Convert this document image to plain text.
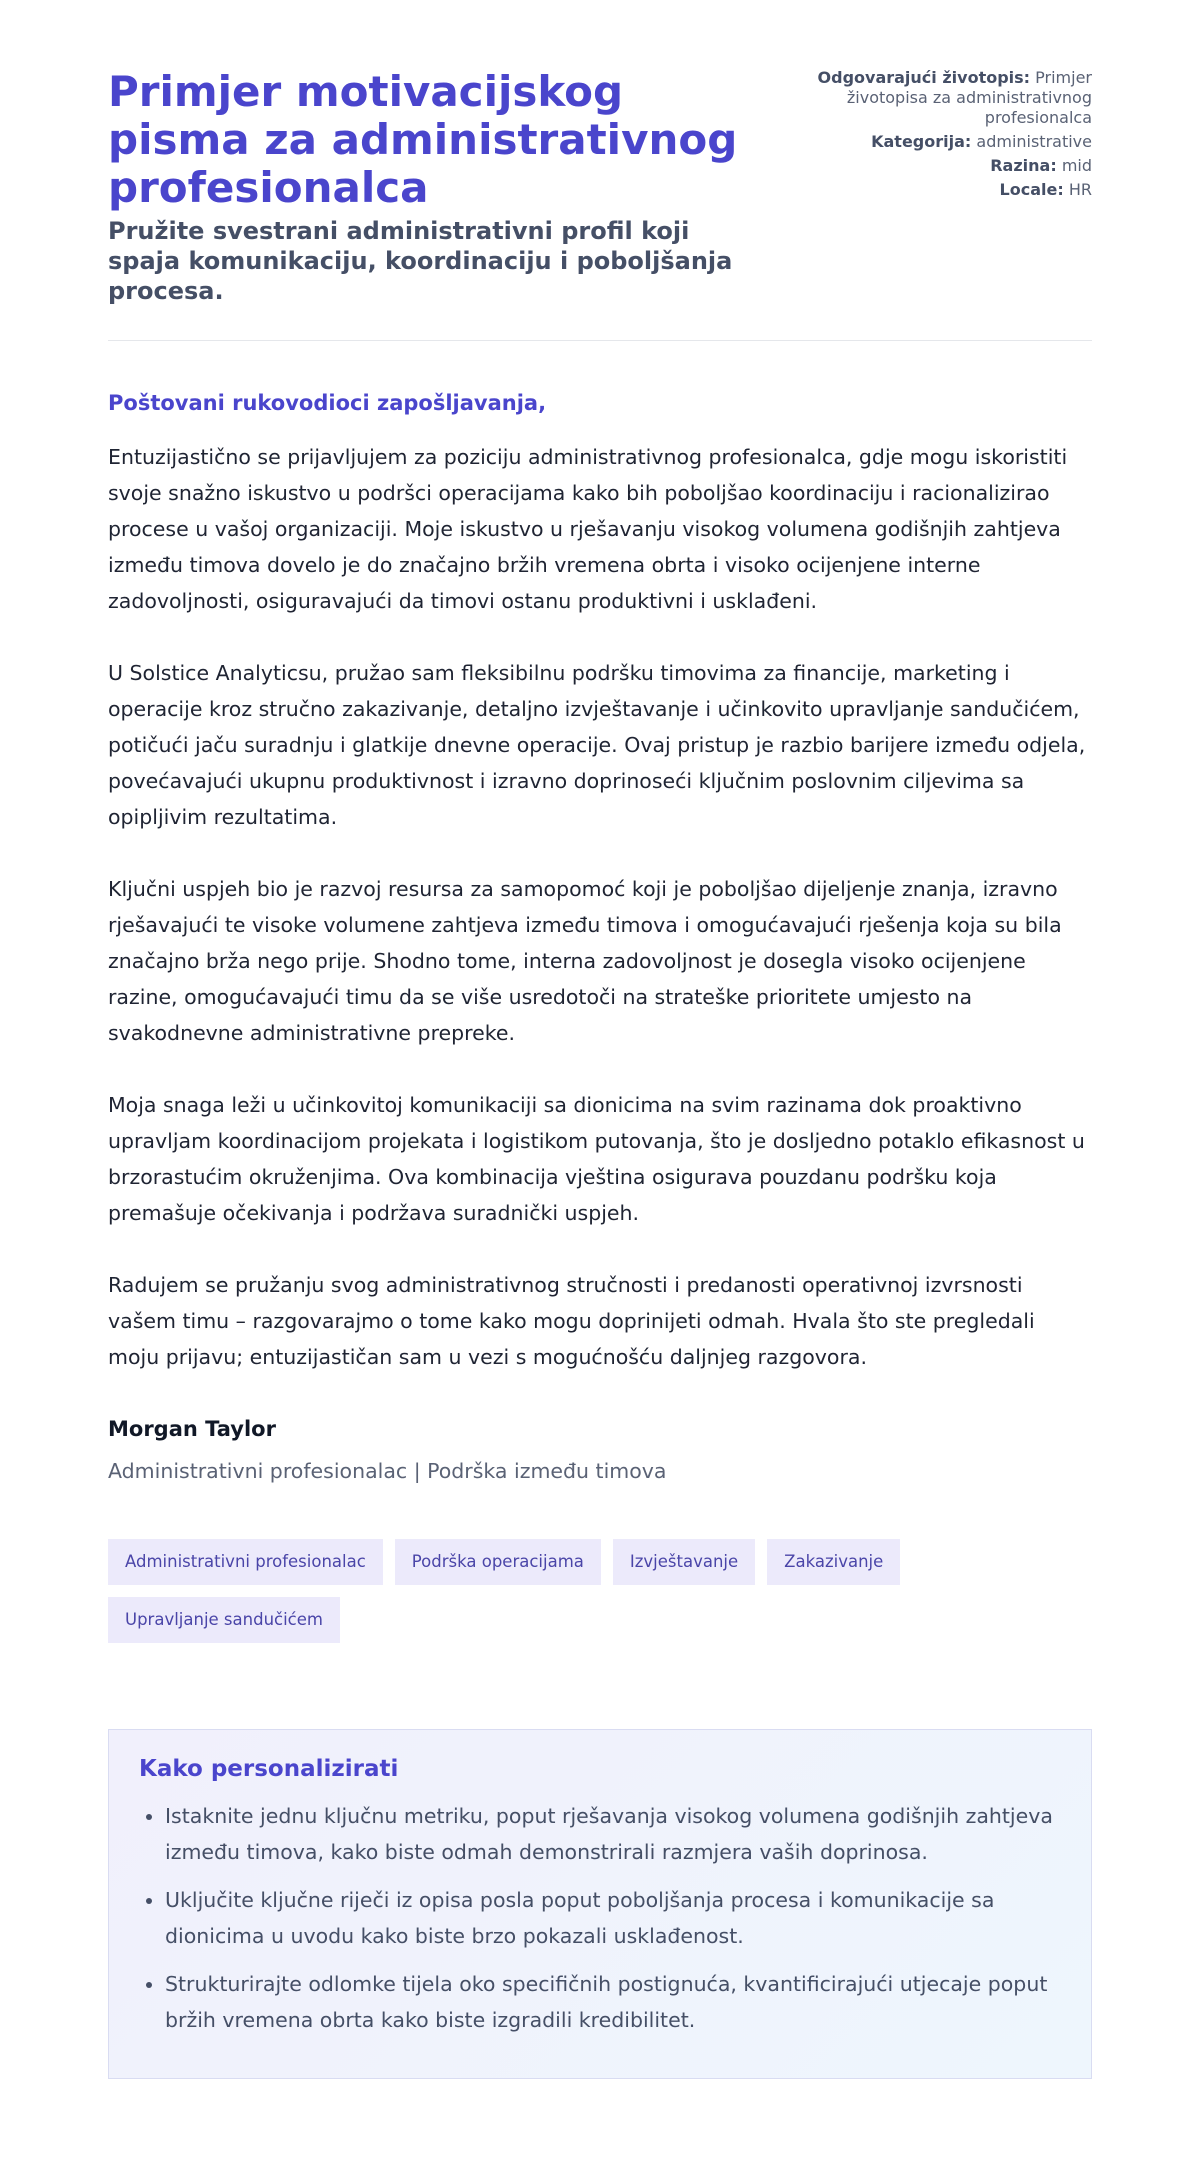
Primjer motivacijskog pisma za administrativnog profesionalca
Pružite svestrani administrativni profil koji spaja komunikaciju, koordinaciju i poboljšanja procesa.
Odgovarajući životopis: Primjer životopisa za administrativnog profesionalca
Kategorija: administrative
Razina: mid
Locale: HR

Poštovani rukovodioci zapošljavanja,

Entuzijastično se prijavljujem za poziciju administrativnog profesionalca, gdje mogu iskoristiti svoje snažno iskustvo u podršci operacijama kako bih poboljšao koordinaciju i racionalizirao procese u vašoj organizaciji. Moje iskustvo u rješavanju visokog volumena godišnjih zahtjeva između timova dovelo je do značajno bržih vremena obrta i visoko ocijenjene interne zadovoljnosti, osiguravajući da timovi ostanu produktivni i usklađeni.

U Solstice Analyticsu, pružao sam fleksibilnu podršku timovima za financije, marketing i operacije kroz stručno zakazivanje, detaljno izvještavanje i učinkovito upravljanje sandučićem, potičući jaču suradnju i glatkije dnevne operacije. Ovaj pristup je razbio barijere između odjela, povećavajući ukupnu produktivnost i izravno doprinoseći ključnim poslovnim ciljevima sa opipljivim rezultatima.

Ključni uspjeh bio je razvoj resursa za samopomoć koji je poboljšao dijeljenje znanja, izravno rješavajući te visoke volumene zahtjeva između timova i omogućavajući rješenja koja su bila značajno brža nego prije. Shodno tome, interna zadovoljnost je dosegla visoko ocijenjene razine, omogućavajući timu da se više usredotoči na strateške prioritete umjesto na svakodnevne administrativne prepreke.

Moja snaga leži u učinkovitoj komunikaciji sa dionicima na svim razinama dok proaktivno upravljam koordinacijom projekata i logistikom putovanja, što je dosljedno potaklo efikasnost u brzorastućim okruženjima. Ova kombinacija vještina osigurava pouzdanu podršku koja premašuje očekivanja i podržava suradnički uspjeh.

Radujem se pružanju svog administrativnog stručnosti i predanosti operativnoj izvrsnosti vašem timu – razgovarajmo o tome kako mogu doprinijeti odmah. Hvala što ste pregledali moju prijavu; entuzijastičan sam u vezi s mogućnošću daljnjeg razgovora.

Morgan Taylor
Administrativni profesionalac | Podrška između timova
Administrativni profesionalac	Podrška operacijama	Izvještavanje	Zakazivanje
Upravljanje sandučićem
Kako personalizirati
• Istaknite jednu ključnu metriku, poput rješavanja visokog volumena godišnjih zahtjeva između timova, kako biste odmah demonstrirali razmjera vaših doprinosa.
• Uključite ključne riječi iz opisa posla poput poboljšanja procesa i komunikacije sa dionicima u uvodu kako biste brzo pokazali usklađenost.
• Strukturirajte odlomke tijela oko specifičnih postignuća, kvantificirajući utjecaje poput bržih vremena obrta kako biste izgradili kredibilitet.
